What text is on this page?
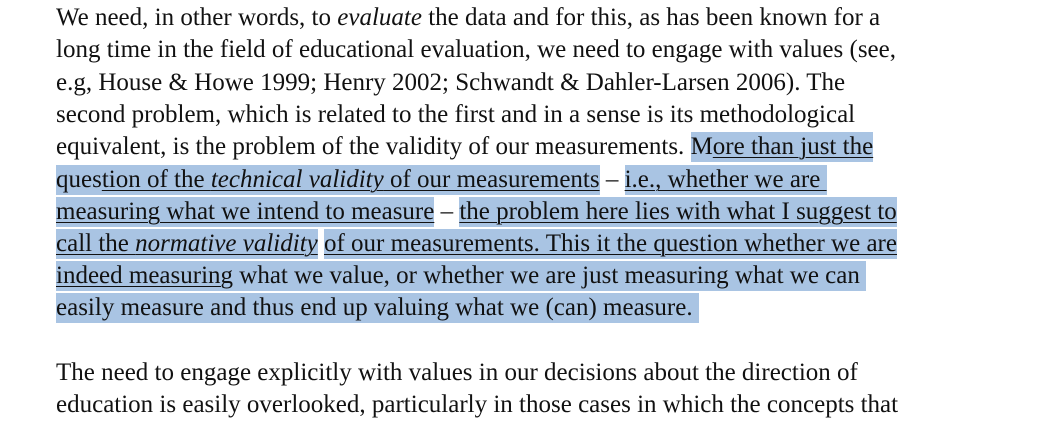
We need, in other words, to evaluate the data and for this, as has been known for a
long time in the field of educational evaluation, we need to engage with values (see,
e.g, House & Howe 1999; Henry 2002; Schwandt & Dahler-Larsen 2006). The
second problem, which is related to the first and in a sense is its methodological
equivalent, is the problem of the validity of our measurements. More than just the
question of the technical validity of our measurements – i.e., whether we are
measuring what we intend to measure – the problem here lies with what I suggest to
call the normative validity of our measurements. This it the question whether we are
indeed measuring what we value, or whether we are just measuring what we can
easily measure and thus end up valuing what we (can) measure.
The need to engage explicitly with values in our decisions about the direction of
education is easily overlooked, particularly in those cases in which the concepts that
